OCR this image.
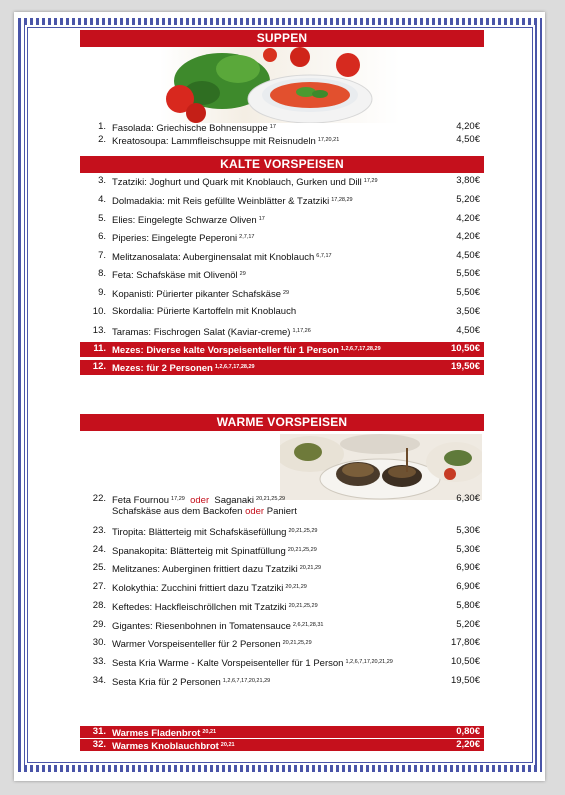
SUPPEN
1. Fasolada: Griechische Bohnensuppe $^{17}$	4,20€
2. Kreatosoupa: Lammfleischsuppe mit Reisnudeln $^{17,20,21}$	4,50€
KALTE VORSPEISEN
3. Tzatziki: Joghurt und Quark mit Knoblauch, Gurken und Dill $^{17,29}$	3,80€
4. Dolmadakia: mit Reis gefüllte Weinblätter & Tzatziki $^{17,28,29}$	5,20€
5. Elies: Eingelegte Schwarze Oliven $^{17}$	4,20€
6. Piperies: Eingelegte Peperoni $^{2,7,17}$	4,20€
7. Melitzanosalata: Auberginensalat mit Knoblauch $^{6,7,17}$	4,50€
8. Feta: Schafskäse mit Olivenöl $^{29}$	5,50€
9. Kopanisti: Pürierter pikanter Schafskäse $^{29}$	5,50€
10. Skordalia: Pürierte Kartoffeln mit Knoblauch	3,50€
13. Taramas: Fischrogen Salat (Kaviar-creme) $^{1,17,26}$	4,50€
11. Mezes: Diverse kalte Vorspeisenteller für 1 Person $^{1,2,6,7,17,28,29}$	10,50€
12. Mezes: für 2 Personen $^{1,2,6,7,17,28,29}$	19,50€
WARME VORSPEISEN
22. Feta Fournou $^{17,29}$ oder Saganaki $^{20,21,25,29}$	6,30€
Schafskäse aus dem Backofen oder Paniert
23. Tiropita: Blätterteig mit Schafskäsefüllung $^{20,21,25,29}$	5,30€
24. Spanakopita: Blätterteig mit Spinatfüllung $^{20,21,25,29}$	5,30€
25. Melitzanes: Auberginen frittiert dazu Tzatziki $^{20,21,29}$	6,90€
27. Kolokythia: Zucchini frittiert dazu Tzatziki $^{20,21,29}$	6,90€
28. Keftedes: Hackfleischröllchen mit Tzatziki $^{20,21,25,29}$	5,80€
29. Gigantes: Riesenbohnen in Tomatensauce $^{2,6,21,28,31}$	5,20€
30. Warmer Vorspeisenteller für 2 Personen $^{20,21,25,29}$	17,80€
33. Sesta Kria Warme - Kalte Vorspeisenteller für 1 Person $^{1,2,6,7,17,20,21,29}$	10,50€
34. Sesta Kria für 2 Personen $^{1,2,6,7,17,20,21,29}$	19,50€
31. Warmes Fladenbrot $^{20,21}$	0,80€
32. Warmes Knoblauchbrot $^{20,21}$	2,20€
